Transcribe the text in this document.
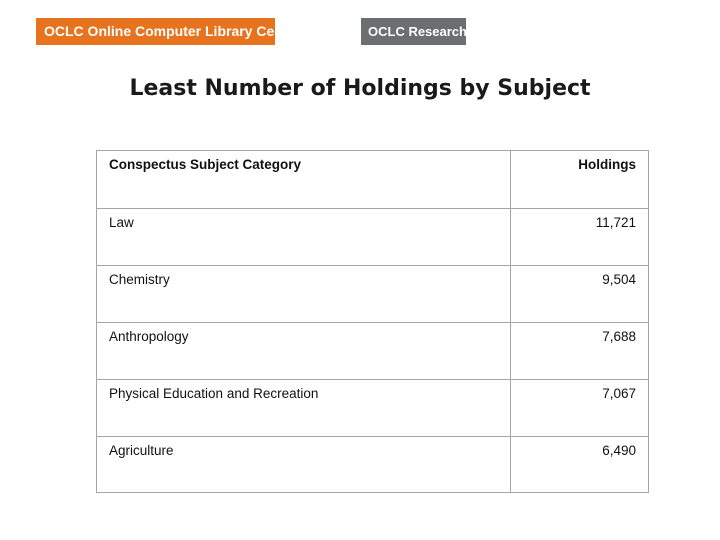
OCLC Online Computer Library Center	OCLC Research
Least Number of Holdings by Subject
Conspectus Subject Category	Holdings
Law	11,721
Chemistry	9,504
Anthropology	7,688
Physical Education and Recreation	7,067
Agriculture	6,490
